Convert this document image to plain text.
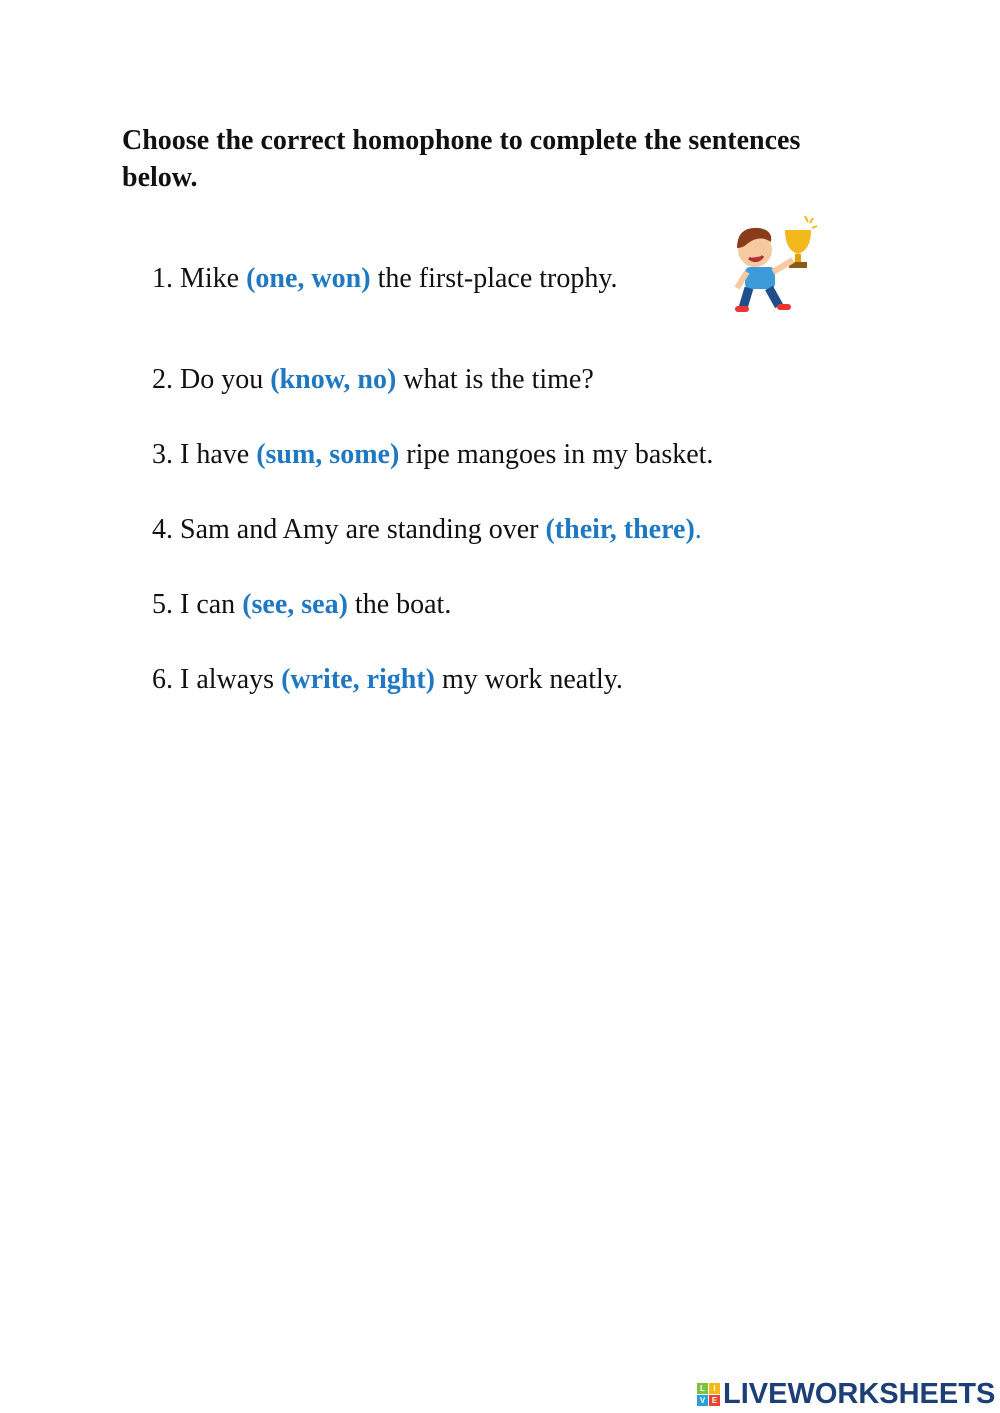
Choose the correct homophone to complete the sentences below.
1. Mike (one, won) the first-place trophy.
2. Do you (know, no) what is the time?
3. I have (sum, some) ripe mangoes in my basket.
4. Sam and Amy are standing over (their, there).
5. I can (see, sea) the boat.
6. I always (write, right) my work neatly.
L	I
V E LIVEWORKSHEETS
